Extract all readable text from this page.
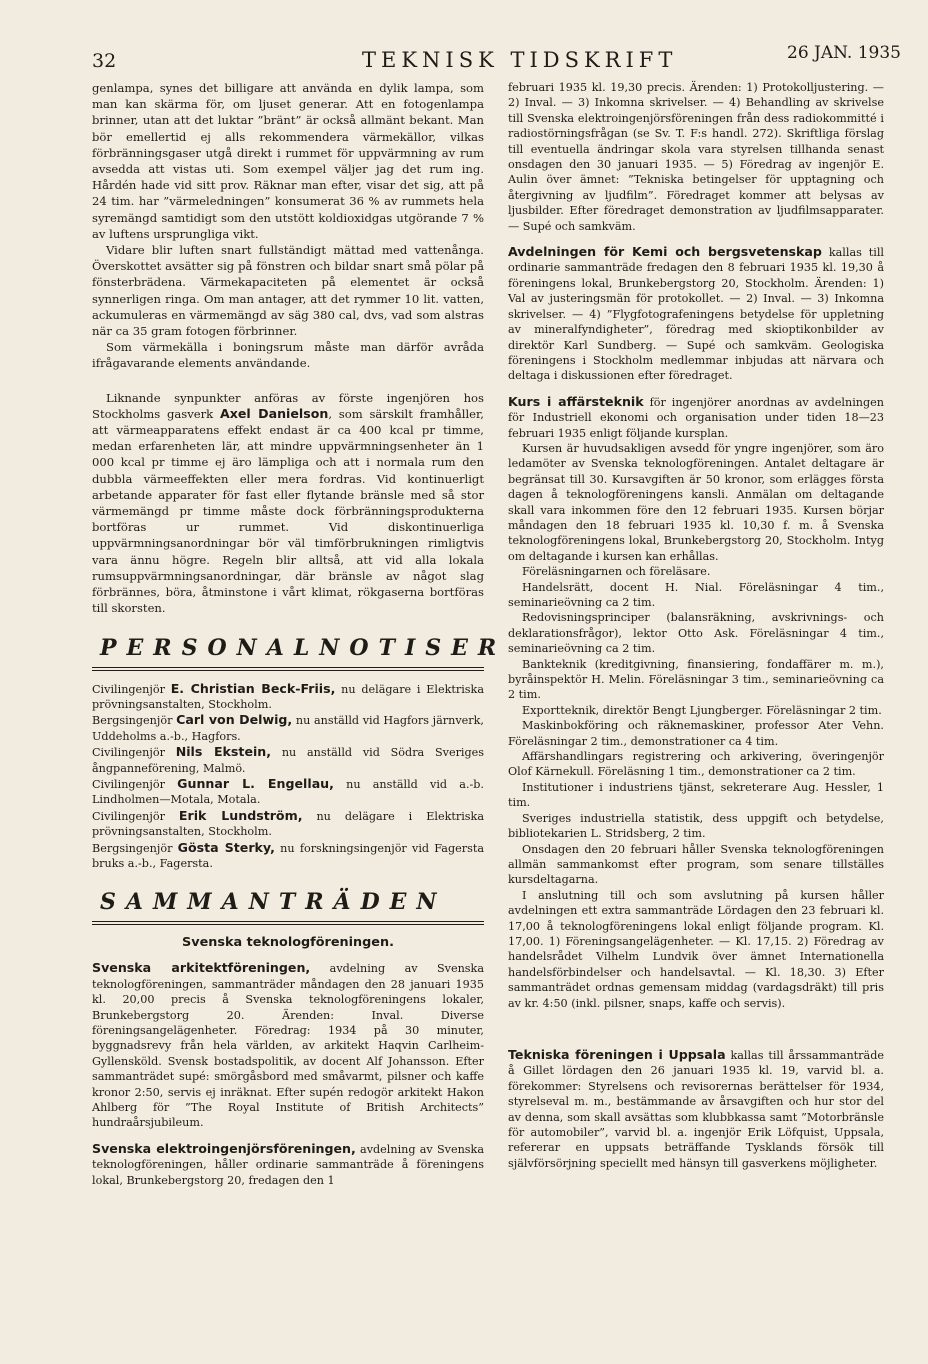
32	TEKNISK TIDSKRIFT	26 JAN. 1935

genlampa, synes det billigare att använda en dylik lampa, som man kan skärma för, om ljuset generar. Att en fotogenlampa brinner, utan att det luktar ”bränt” är också allmänt bekant. Man bör emellertid ej alls rekommendera värmekällor, vilkas förbränningsgaser utgå direkt i rummet för uppvärmning av rum avsedda att vistas uti. Som exempel väljer jag det rum ing. Hårdén hade vid sitt prov. Räknar man efter, visar det sig, att på 24 tim. har ”värmeledningen” konsumerat 36 % av rummets hela syremängd samtidigt som den utstött koldioxidgas utgörande 7 % av luftens ursprungliga vikt.

Vidare blir luften snart fullständigt mättad med vattenånga. Överskottet avsätter sig på fönstren och bildar snart små pölar på fönsterbrädena. Värmekapaciteten på elementet är också synnerligen ringa. Om man antager, att det rymmer 10 lit. vatten, ackumuleras en värmemängd av säg 380 cal, dvs, vad som alstras när ca 35 gram fotogen förbrinner.

Som värmekälla i boningsrum måste man därför avråda ifrågavarande elements användande.

Liknande synpunkter anföras av förste ingenjören hos Stockholms gasverk Axel Danielson, som särskilt framhåller, att värmeapparatens effekt endast är ca 400 kcal pr timme, medan erfarenheten lär, att mindre uppvärmningsenheter än 1 000 kcal pr timme ej äro lämpliga och att i normala rum den dubbla värmeeffekten eller mera fordras. Vid kontinuerligt arbetande apparater för fast eller flytande bränsle med så stor värmemängd pr timme måste dock förbränningsprodukterna bortföras ur rummet. Vid diskontinuerliga uppvärmningsanordningar bör väl timförbrukningen rimligtvis vara ännu högre. Regeln blir alltså, att vid alla lokala rumsuppvärmningsanordningar, där bränsle av något slag förbrännes, böra, åtminstone i vårt klimat, rökgaserna bortföras till skorsten.

PERSONALNOTISER

Civilingenjör E. Christian Beck-Friis, nu delägare i Elektriska prövningsanstalten, Stockholm.

Bergsingenjör Carl von Delwig, nu anställd vid Hagfors järnverk, Uddeholms a.-b., Hagfors.

Civilingenjör Nils Ekstein, nu anställd vid Södra Sveriges ångpanneförening, Malmö.

Civilingenjör Gunnar L. Engellau, nu anställd vid a.-b. Lindholmen—Motala, Motala.

Civilingenjör Erik Lundström, nu delägare i Elektriska prövningsanstalten, Stockholm.

Bergsingenjör Gösta Sterky, nu forskningsingenjör vid Fagersta bruks a.-b., Fagersta.

SAMMANTRÄDEN
Svenska teknologföreningen.

Svenska arkitektföreningen, avdelning av Svenska teknologföreningen, sammanträder måndagen den 28 januari 1935 kl. 20,00 precis å Svenska teknologföreningens lokaler, Brunkebergstorg 20. Ärenden: Inval. Diverse föreningsangelägenheter. Föredrag: 1934 på 30 minuter, byggnadsrevy från hela världen, av arkitekt Haqvin Carlheim-Gyllensköld. Svensk bostadspolitik, av docent Alf Johansson. Efter sammanträdet supé: smörgåsbord med småvarmt, pilsner och kaffe kronor 2:50, servis ej inräknat. Efter supén redogör arkitekt Hakon Ahlberg för ”The Royal Institute of British Architects” hundraårsjubileum.

Svenska elektroingenjörsföreningen, avdelning av Svenska teknologföreningen, håller ordinarie sammanträde å föreningens lokal, Brunkebergstorg 20, fredagen den 1

februari 1935 kl. 19,30 precis. Ärenden: 1) Protokolljustering. — 2) Inval. — 3) Inkomna skrivelser. — 4) Behandling av skrivelse till Svenska elektroingenjörsföreningen från dess radiokommitté i radiostörningsfrågan (se Sv. T. F:s handl. 272). Skriftliga förslag till eventuella ändringar skola vara styrelsen tillhanda senast onsdagen den 30 januari 1935. — 5) Föredrag av ingenjör E. Aulin över ämnet: ”Tekniska betingelser för upptagning och återgivning av ljudfilm”. Föredraget kommer att belysas av ljusbilder. Efter föredraget demonstration av ljudfilmsapparater. — Supé och samkväm.

Avdelningen för Kemi och bergsvetenskap kallas till ordinarie sammanträde fredagen den 8 februari 1935 kl. 19,30 å föreningens lokal, Brunkebergstorg 20, Stockholm. Ärenden: 1) Val av justeringsmän för protokollet. — 2) Inval. — 3) Inkomna skrivelser. — 4) ”Flygfotografeningens betydelse för uppletning av mineralfyndigheter”, föredrag med skioptikonbilder av direktör Karl Sundberg. — Supé och samkväm. Geologiska föreningens i Stockholm medlemmar inbjudas att närvara och deltaga i diskussionen efter föredraget.

Kurs i affärsteknik för ingenjörer anordnas av avdelningen för Industriell ekonomi och organisation under tiden 18—23 februari 1935 enligt följande kursplan.

Kursen är huvudsakligen avsedd för yngre ingenjörer, som äro ledamöter av Svenska teknologföreningen. Antalet deltagare är begränsat till 30. Kursavgiften är 50 kronor, som erlägges första dagen å teknologföreningens kansli. Anmälan om deltagande skall vara inkommen före den 12 februari 1935. Kursen börjar måndagen den 18 februari 1935 kl. 10,30 f. m. å Svenska teknologföreningens lokal, Brunkebergstorg 20, Stockholm. Intyg om deltagande i kursen kan erhållas.

Föreläsningarnen och föreläsare.

Handelsrätt, docent H. Nial. Föreläsningar 4 tim., seminarieövning ca 2 tim.

Redovisningsprinciper (balansräkning, avskrivnings- och deklarationsfrågor), lektor Otto Ask. Föreläsningar 4 tim., seminarieövning ca 2 tim.

Bankteknik (kreditgivning, finansiering, fondaffärer m. m.), byråinspektör H. Melin. Föreläsningar 3 tim., seminarieövning ca 2 tim.

Exportteknik, direktör Bengt Ljungberger. Föreläsningar 2 tim.

Maskinbokföring och räknemaskiner, professor Ater Vehn. Föreläsningar 2 tim., demonstrationer ca 4 tim.

Affärshandlingars registrering och arkivering, överingenjör Olof Kärnekull. Föreläsning 1 tim., demonstrationer ca 2 tim.

Institutioner i industriens tjänst, sekreterare Aug. Hessler, 1 tim.

Sveriges industriella statistik, dess uppgift och betydelse, bibliotekarien L. Stridsberg, 2 tim.

Onsdagen den 20 februari håller Svenska teknologföreningen allmän sammankomst efter program, som senare tillställes kursdeltagarna.

I anslutning till och som avslutning på kursen håller avdelningen ett extra sammanträde Lördagen den 23 februari kl. 17,00 å teknologföreningens lokal enligt följande program. Kl. 17,00. 1) Föreningsangelägenheter. — Kl. 17,15. 2) Föredrag av handelsrådet Vilhelm Lundvik över ämnet Internationella handelsförbindelser och handelsavtal. — Kl. 18,30. 3) Efter sammanträdet ordnas gemensam middag (vardagsdräkt) till pris av kr. 4:50 (inkl. pilsner, snaps, kaffe och servis).

Tekniska föreningen i Uppsala kallas till årssammanträde å Gillet lördagen den 26 januari 1935 kl. 19, varvid bl. a. förekommer: Styrelsens och revisorernas berättelser för 1934, styrelseval m. m., bestämmande av årsavgiften och hur stor del av denna, som skall avsättas som klubbkassa samt ”Motorbränsle för automobiler”, varvid bl. a. ingenjör Erik Löfquist, Uppsala, refererar en uppsats beträffande Tysklands försök till självförsörjning speciellt med hänsyn till gasverkens möjligheter.
